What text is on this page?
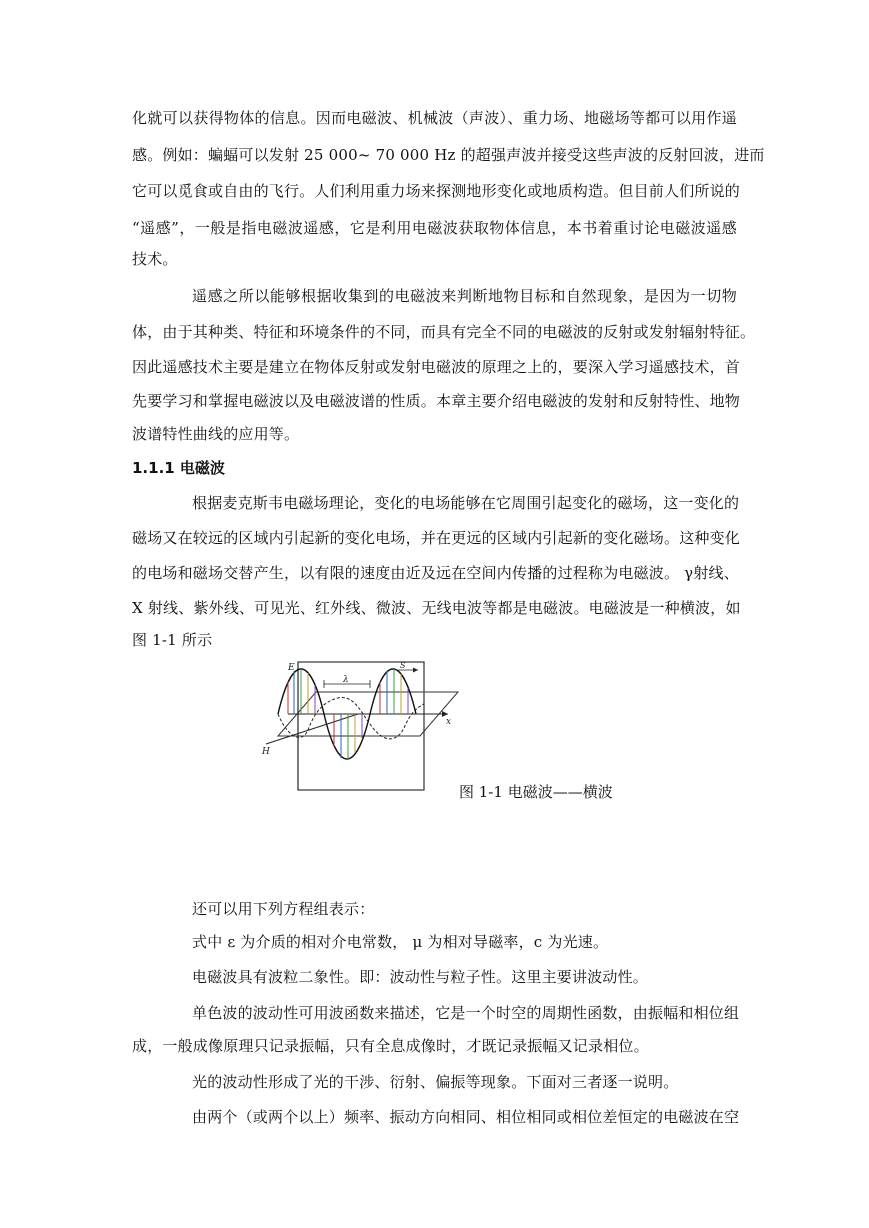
化就可以获得物体的信息。因而电磁波、机械波（声波）、重力场、地磁场等都可以用作遥
感。例如：蝙蝠可以发射 25 000~ 70 000 Hz 的超强声波并接受这些声波的反射回波，进而
它可以觅食或自由的飞行。人们利用重力场来探测地形变化或地质构造。但目前人们所说的
“遥感”，一般是指电磁波遥感，它是利用电磁波获取物体信息，本书着重讨论电磁波遥感
技术。
遥感之所以能够根据收集到的电磁波来判断地物目标和自然现象，是因为一切物
体，由于其种类、特征和环境条件的不同，而具有完全不同的电磁波的反射或发射辐射特征。
因此遥感技术主要是建立在物体反射或发射电磁波的原理之上的，要深入学习遥感技术，首
先要学习和掌握电磁波以及电磁波谱的性质。本章主要介绍电磁波的发射和反射特性、地物
波谱特性曲线的应用等。
1.1.1 电磁波
根据麦克斯韦电磁场理论，变化的电场能够在它周围引起变化的磁场，这一变化的
磁场又在较远的区域内引起新的变化电场，并在更远的区域内引起新的变化磁场。这种变化
的电场和磁场交替产生，以有限的速度由近及远在空间内传播的过程称为电磁波。 γ射线、
X 射线、紫外线、可见光、红外线、微波、无线电波等都是电磁波。电磁波是一种横波，如
图 1-1 所示
E
H
x
λ
S
图 1-1 电磁波——横波
还可以用下列方程组表示：
式中 ε 为介质的相对介电常数， μ 为相对导磁率，c 为光速。
电磁波具有波粒二象性。即：波动性与粒子性。这里主要讲波动性。
单色波的波动性可用波函数来描述，它是一个时空的周期性函数，由振幅和相位组
成，一般成像原理只记录振幅，只有全息成像时，才既记录振幅又记录相位。
光的波动性形成了光的干涉、衍射、偏振等现象。下面对三者逐一说明。
由两个（或两个以上）频率、振动方向相同、相位相同或相位差恒定的电磁波在空
